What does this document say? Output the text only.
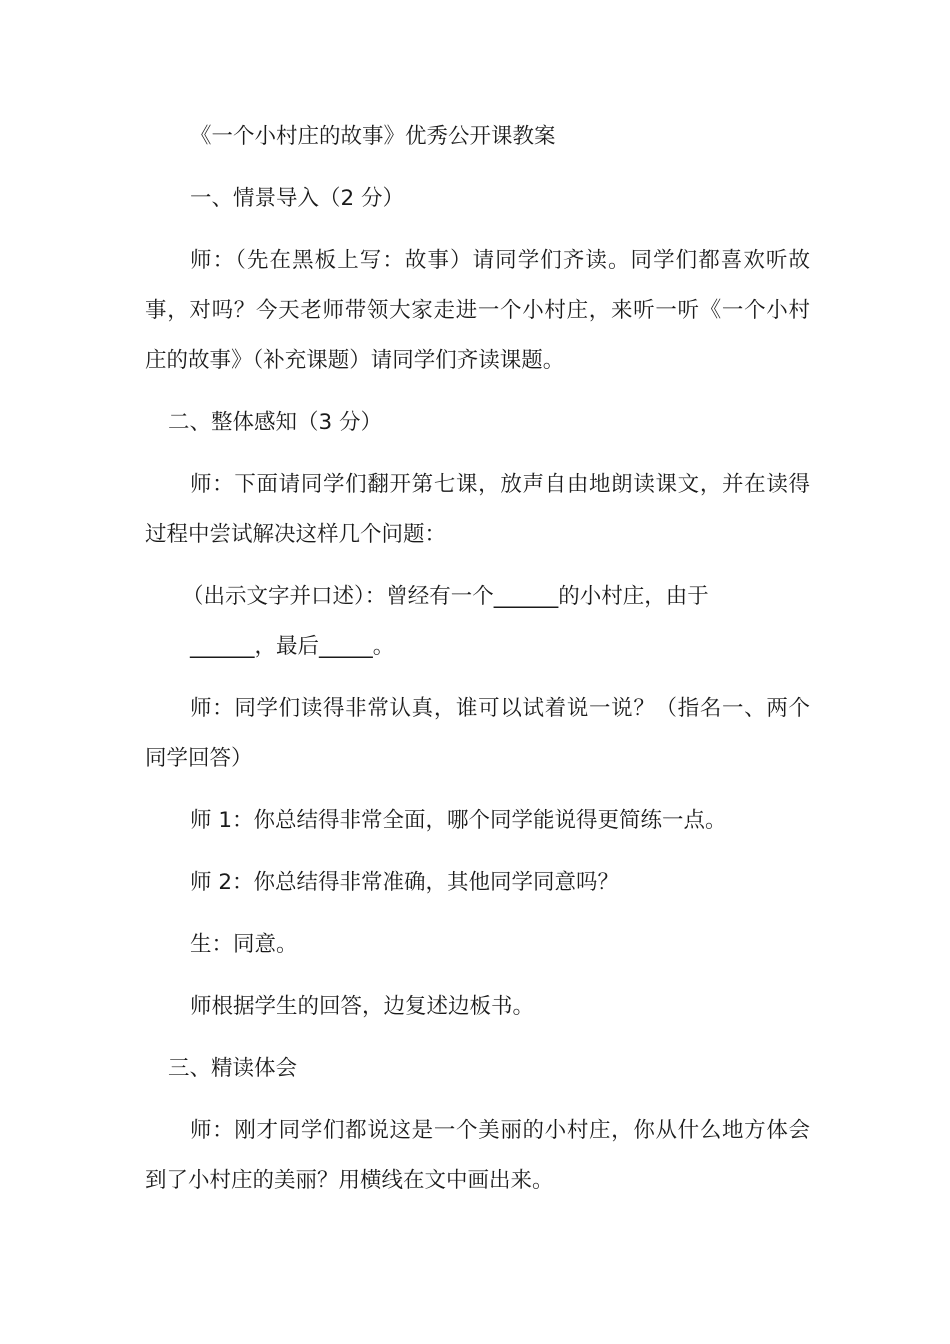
《一个小村庄的故事》优秀公开课教案
一、情景导入（2 分）
师：（先在黑板上写：故事）请同学们齐读。同学们都喜欢听故
事，对吗？今天老师带领大家走进一个小村庄，来听一听《一个小村
庄的故事》（补充课题）请同学们齐读课题。
二、整体感知（3 分）
师：下面请同学们翻开第七课，放声自由地朗读课文，并在读得
过程中尝试解决这样几个问题：
（出示文字并口述）：曾经有一个______的小村庄，由于
______，最后_____。
师：同学们读得非常认真，谁可以试着说一说？（指名一、两个
同学回答）
师 1：你总结得非常全面，哪个同学能说得更简练一点。
师 2：你总结得非常准确，其他同学同意吗？
生：同意。
师根据学生的回答，边复述边板书。
三、精读体会
师：刚才同学们都说这是一个美丽的小村庄，你从什么地方体会
到了小村庄的美丽？用横线在文中画出来。
